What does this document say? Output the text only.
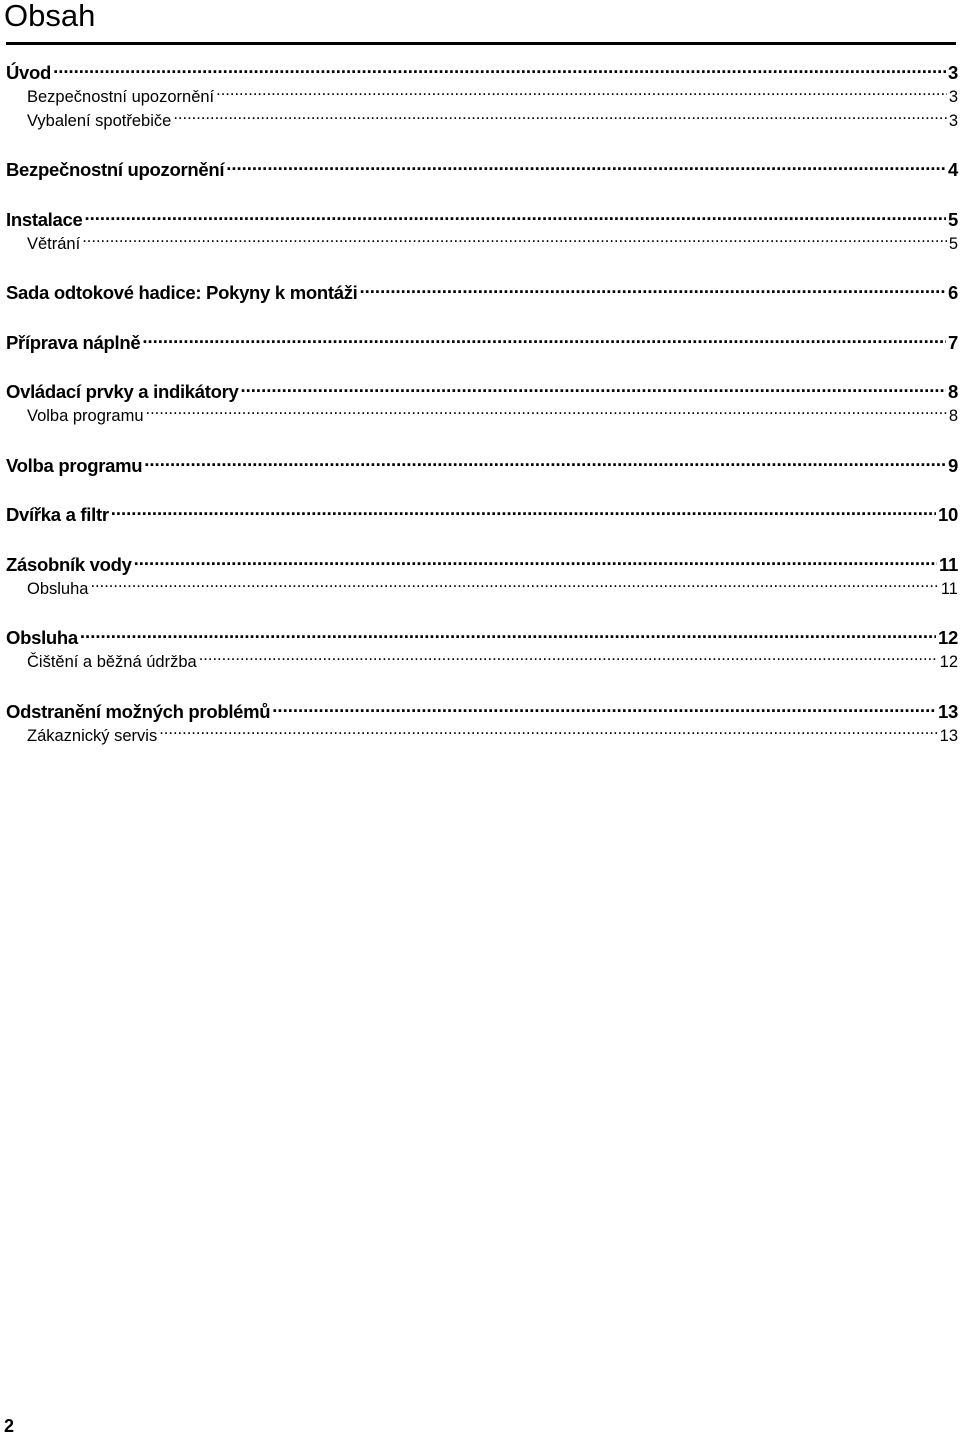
Obsah
Úvod .....	3
Bezpečnostní upozornění .....	3
Vybalení spotřebiče .....	3
Bezpečnostní upozornění .....	4
Instalace .....	5
Větrání .....	5
Sada odtokové hadice: Pokyny k montáži .....	6
Příprava náplně .....	7
Ovládací prvky a indikátory .....	8
Volba programu .....	8
Volba programu .....	9
Dvířka a filtr .....	10
Zásobník vody .....	11
Obsluha .....	11
Obsluha .....	12
Čištění a běžná údržba .....	12
Odstranění možných problémů .....	13
Zákaznický servis .....	13
2
